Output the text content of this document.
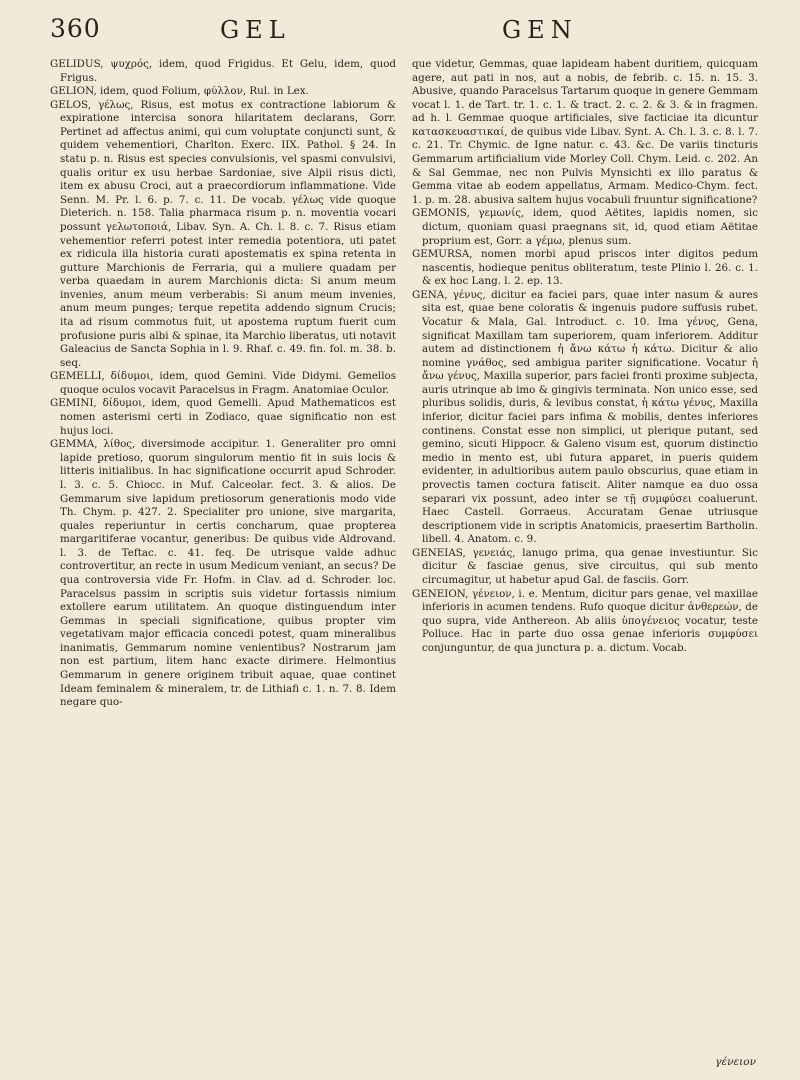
360	GEL	GEN

GELIDUS, ψυχρός, idem, quod Frigidus. Et Gelu, idem, quod Frigus.

GELION, idem, quod Folium, φύλλον, Rul. in Lex.

GELOS, γέλως, Risus, est motus ex contractione labiorum & expiratione intercisa sonora hilaritatem declarans, Gorr. Pertinet ad affectus animi, qui cum voluptate conjuncti sunt, & quidem vehementiori, Charlton. Exerc. IIX. Pathol. § 24. In statu p. n. Risus est species convulsionis, vel spasmi convulsivi, qualis oritur ex usu herbae Sardoniae, sive Alpii risus dicti, item ex abusu Croci, aut a praecordiorum inflammatione. Vide Senn. M. Pr. l. 6. p. 7. c. 11. De vocab. γέλως vide quoque Dieterich. n. 158. Talia pharmaca risum p. n. moventia vocari possunt γελωτοποιά, Libav. Syn. A. Ch. l. 8. c. 7. Risus etiam vehementior referri potest inter remedia potentiora, uti patet ex ridicula illa historia curati apostematis ex spina retenta in gutture Marchionis de Ferraria, qui a muliere quadam per verba quaedam in aurem Marchionis dicta: Si anum meum invenies, anum meum verberabis: Si anum meum invenies, anum meum punges; terque repetita addendo signum Crucis; ita ad risum commotus fuit, ut apostema ruptum fuerit cum profusione puris albi & spinae, ita Marchio liberatus, uti notavit Galeacius de Sancta Sophia in l. 9. Rhaf. c. 49. fin. fol. m. 38. b. seq.

GEMELLI, δίδυμοι, idem, quod Gemini. Vide Didymi. Gemellos quoque oculos vocavit Paracelsus in Fragm. Anatomiae Oculor.

GEMINI, δίδυμοι, idem, quod Gemelli. Apud Mathematicos est nomen asterismi certi in Zodiaco, quae significatio non est hujus loci.

GEMMA, λίθος, diversimode accipitur. 1. Generaliter pro omni lapide pretioso, quorum singulorum mentio fit in suis locis & litteris initialibus. In hac significatione occurrit apud Schroder. l. 3. c. 5. Chiocc. in Muf. Calceolar. fect. 3. & alios. De Gemmarum sive lapidum pretiosorum generationis modo vide Th. Chym. p. 427. 2. Specialiter pro unione, sive margarita, quales reperiuntur in certis concharum, quae propterea margaritiferae vocantur, generibus: De quibus vide Aldrovand. l. 3. de Teftac. c. 41. feq. De utrisque valde adhuc controvertitur, an recte in usum Medicum veniant, an secus? De qua controversia vide Fr. Hofm. in Clav. ad d. Schroder. loc. Paracelsus passim in scriptis suis videtur fortassis nimium extollere earum utilitatem. An quoque distinguendum inter Gemmas in speciali significatione, quibus propter vim vegetativam major efficacia concedi potest, quam mineralibus inanimatis, Gemmarum nomine venientibus? Nostrarum jam non est partium, litem hanc exacte dirimere. Helmontius Gemmarum in genere originem tribuit aquae, quae continet Ideam feminalem & mineralem, tr. de Lithiafi c. 1. n. 7. 8. Idem negare quo-

que videtur, Gemmas, quae lapideam habent duritiem, quicquam agere, aut pati in nos, aut a nobis, de febrib. c. 15. n. 15. 3. Abusive, quando Paracelsus Tartarum quoque in genere Gemmam vocat l. 1. de Tart. tr. 1. c. 1. & tract. 2. c. 2. & 3. & in fragmen. ad h. l. Gemmae quoque artificiales, sive facticiae ita dicuntur κατασκευαστικαί, de quibus vide Libav. Synt. A. Ch. l. 3. c. 8. l. 7. c. 21. Tr. Chymic. de Igne natur. c. 43. &c. De variis tincturis Gemmarum artificialium vide Morley Coll. Chym. Leid. c. 202. An & Sal Gemmae, nec non Pulvis Mynsichti ex illo paratus & Gemma vitae ab eodem appellatus, Armam. Medico-Chym. fect. 1. p. m. 28. abusiva saltem hujus vocabuli fruuntur significatione?

GEMONIS, γεμωνίς, idem, quod Aëtites, lapidis nomen, sic dictum, quoniam quasi praegnans sit, id, quod etiam Aëtitae proprium est, Gorr. a γέμω, plenus sum.

GEMURSA, nomen morbi apud priscos inter digitos pedum nascentis, hodieque penitus obliteratum, teste Plinio l. 26. c. 1. & ex hoc Lang. l. 2. ep. 13.

GENA, γένυς, dicitur ea faciei pars, quae inter nasum & aures sita est, quae bene coloratis & ingenuis pudore suffusis rubet. Vocatur & Mala, Gal. Introduct. c. 10. Ima γένυς, Gena, significat Maxillam tam superiorem, quam inferiorem. Additur autem ad distinctionem ἡ ἄνω κάτω ἡ κάτω. Dicitur & alio nomine γνάθος, sed ambigua pariter significatione. Vocatur ἡ ἄνω γένυς, Maxilla superior, pars faciei fronti proxime subjecta, auris utrinque ab imo & gingivis terminata. Non unico esse, sed pluribus solidis, duris, & levibus constat, ἡ κάτω γένυς, Maxilla inferior, dicitur faciei pars infima & mobilis, dentes inferiores continens. Constat esse non simplici, ut plerique putant, sed gemino, sicuti Hippocr. & Galeno visum est, quorum distinctio medio in mento est, ubi futura apparet, in pueris quidem evidenter, in adultioribus autem paulo obscurius, quae etiam in provectis tamen coctura fatiscit. Aliter namque ea duo ossa separari vix possunt, adeo inter se τῇ συμφύσει coaluerunt. Haec Castell. Gorraeus. Accuratam Genae utriusque descriptionem vide in scriptis Anatomicis, praesertim Bartholin. libell. 4. Anatom. c. 9.

GENEIAS, γενειάς, lanugo prima, qua genae investiuntur. Sic dicitur & fasciae genus, sive circuitus, qui sub mento circumagitur, ut habetur apud Gal. de fasciis. Gorr.

GENEION, γένειον, i. e. Mentum, dicitur pars genae, vel maxillae inferioris in acumen tendens. Rufo quoque dicitur ἀνθερεών, de quo supra, vide Anthereon. Ab aliis ὑπογένειος vocatur, teste Polluce. Hac in parte duo ossa genae inferioris συμφύσει conjunguntur, de qua junctura p. a. dictum. Vocab.

γένειον
